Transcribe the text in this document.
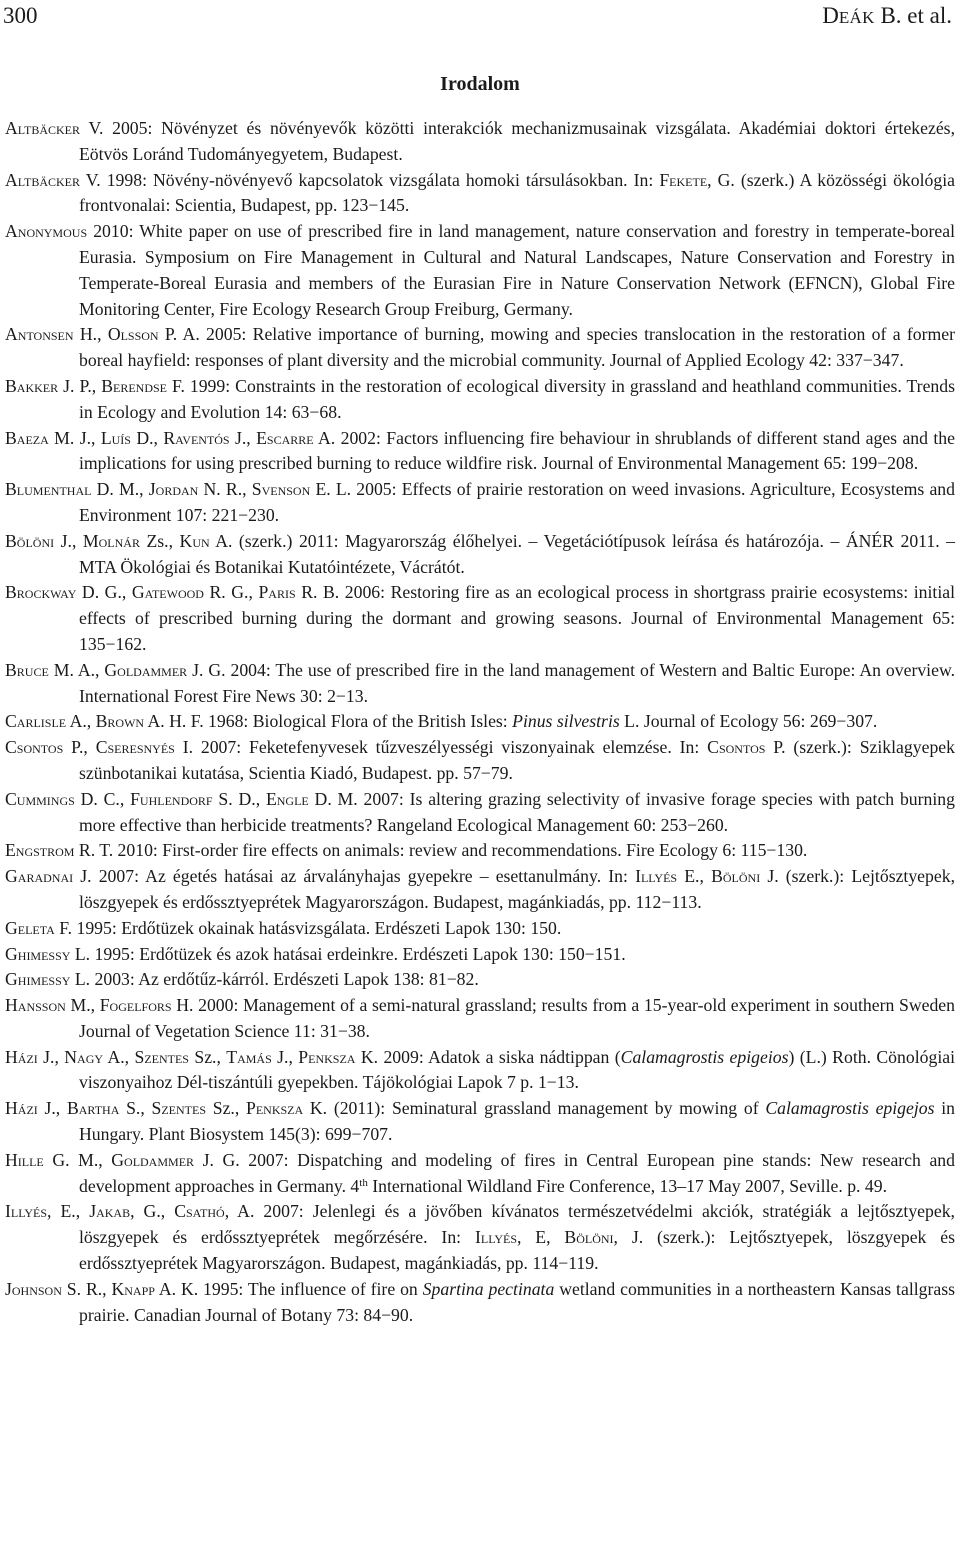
300	DEÁK B. et al.
Irodalom

Altbäcker V. 2005: Növényzet és növényevők közötti interakciók mechanizmusainak vizsgálata. Akadémiai doktori értekezés, Eötvös Loránd Tudományegyetem, Budapest.

Altbäcker V. 1998: Növény-növényevő kapcsolatok vizsgálata homoki társulásokban. In: Fekete, G. (szerk.) A közösségi ökológia frontvonalai: Scientia, Budapest, pp. 123−145.

Anonymous 2010: White paper on use of prescribed fire in land management, nature conservation and forestry in temperate-boreal Eurasia. Symposium on Fire Management in Cultural and Natural Landscapes, Nature Conservation and Forestry in Temperate-Boreal Eurasia and members of the Eurasian Fire in Nature Conservation Network (EFNCN), Global Fire Monitoring Center, Fire Ecology Research Group Freiburg, Germany.

Antonsen H., Olsson P. A. 2005: Relative importance of burning, mowing and species translocation in the restoration of a former boreal hayfield: responses of plant diversity and the microbial community. Journal of Applied Ecology 42: 337−347.

Bakker J. P., Berendse F. 1999: Constraints in the restoration of ecological diversity in grassland and heathland communities. Trends in Ecology and Evolution 14: 63−68.

Baeza M. J., Luís D., Raventós J., Escarre A. 2002: Factors influencing fire behaviour in shrublands of different stand ages and the implications for using prescribed burning to reduce wildfire risk. Journal of Environmental Management 65: 199−208.

Blumenthal D. M., Jordan N. R., Svenson E. L. 2005: Effects of prairie restoration on weed invasions. Agriculture, Ecosystems and Environment 107: 221−230.

Bölöni J., Molnár Zs., Kun A. (szerk.) 2011: Magyarország élőhelyei. – Vegetációtípusok leírása és határozója. – ÁNÉR 2011. – MTA Ökológiai és Botanikai Kutatóintézete, Vácrátót.

Brockway D. G., Gatewood R. G., Paris R. B. 2006: Restoring fire as an ecological process in shortgrass prairie ecosystems: initial effects of prescribed burning during the dormant and growing seasons. Journal of Environmental Management 65: 135−162.

Bruce M. A., Goldammer J. G. 2004: The use of prescribed fire in the land management of Western and Baltic Europe: An overview. International Forest Fire News 30: 2−13.

Carlisle A., Brown A. H. F. 1968: Biological Flora of the British Isles: Pinus silvestris L. Journal of Ecology 56: 269−307.

Csontos P., Cseresnyés I. 2007: Feketefenyvesek tűzveszélyességi viszonyainak elemzése. In: Csontos P. (szerk.): Sziklagyepek szünbotanikai kutatása, Scientia Kiadó, Budapest. pp. 57−79.

Cummings D. C., Fuhlendorf S. D., Engle D. M. 2007: Is altering grazing selectivity of invasive forage species with patch burning more effective than herbicide treatments? Rangeland Ecological Management 60: 253−260.

Engstrom R. T. 2010: First-order fire effects on animals: review and recommendations. Fire Ecology 6: 115−130.

Garadnai J. 2007: Az égetés hatásai az árvalányhajas gyepekre – esettanulmány. In: Illyés E., Bölöni J. (szerk.): Lejtősztyepek, löszgyepek és erdőssztyeprétek Magyarországon. Budapest, magánkiadás, pp. 112−113.

Geleta F. 1995: Erdőtüzek okainak hatásvizsgálata. Erdészeti Lapok 130: 150.

Ghimessy L. 1995: Erdőtüzek és azok hatásai erdeinkre. Erdészeti Lapok 130: 150−151.

Ghimessy L. 2003: Az erdőtűz-kárról. Erdészeti Lapok 138: 81−82.

Hansson M., Fogelfors H. 2000: Management of a semi-natural grassland; results from a 15-year-old experiment in southern Sweden Journal of Vegetation Science 11: 31−38.

Házi J., Nagy A., Szentes Sz., Tamás J., Penksza K. 2009: Adatok a siska nádtippan (Calamagrostis epigeios) (L.) Roth. Cönológiai viszonyaihoz Dél-tiszántúli gyepekben. Tájökológiai Lapok 7 p. 1−13.

Házi J., Bartha S., Szentes Sz., Penksza K. (2011): Seminatural grassland management by mowing of Calamagrostis epigejos in Hungary. Plant Biosystem 145(3): 699−707.

Hille G. M., Goldammer J. G. 2007: Dispatching and modeling of fires in Central European pine stands: New research and development approaches in Germany. 4th International Wildland Fire Conference, 13–17 May 2007, Seville. p. 49.

Illyés, E., Jakab, G., Csathó, A. 2007: Jelenlegi és a jövőben kívánatos természetvédelmi akciók, stratégiák a lejtősztyepek, löszgyepek és erdőssztyeprétek megőrzésére. In: Illyés, E, Bölöni, J. (szerk.): Lejtősztyepek, löszgyepek és erdőssztyeprétek Magyarországon. Budapest, magánkiadás, pp. 114−119.

Johnson S. R., Knapp A. K. 1995: The influence of fire on Spartina pectinata wetland communities in a northeastern Kansas tallgrass prairie. Canadian Journal of Botany 73: 84−90.
